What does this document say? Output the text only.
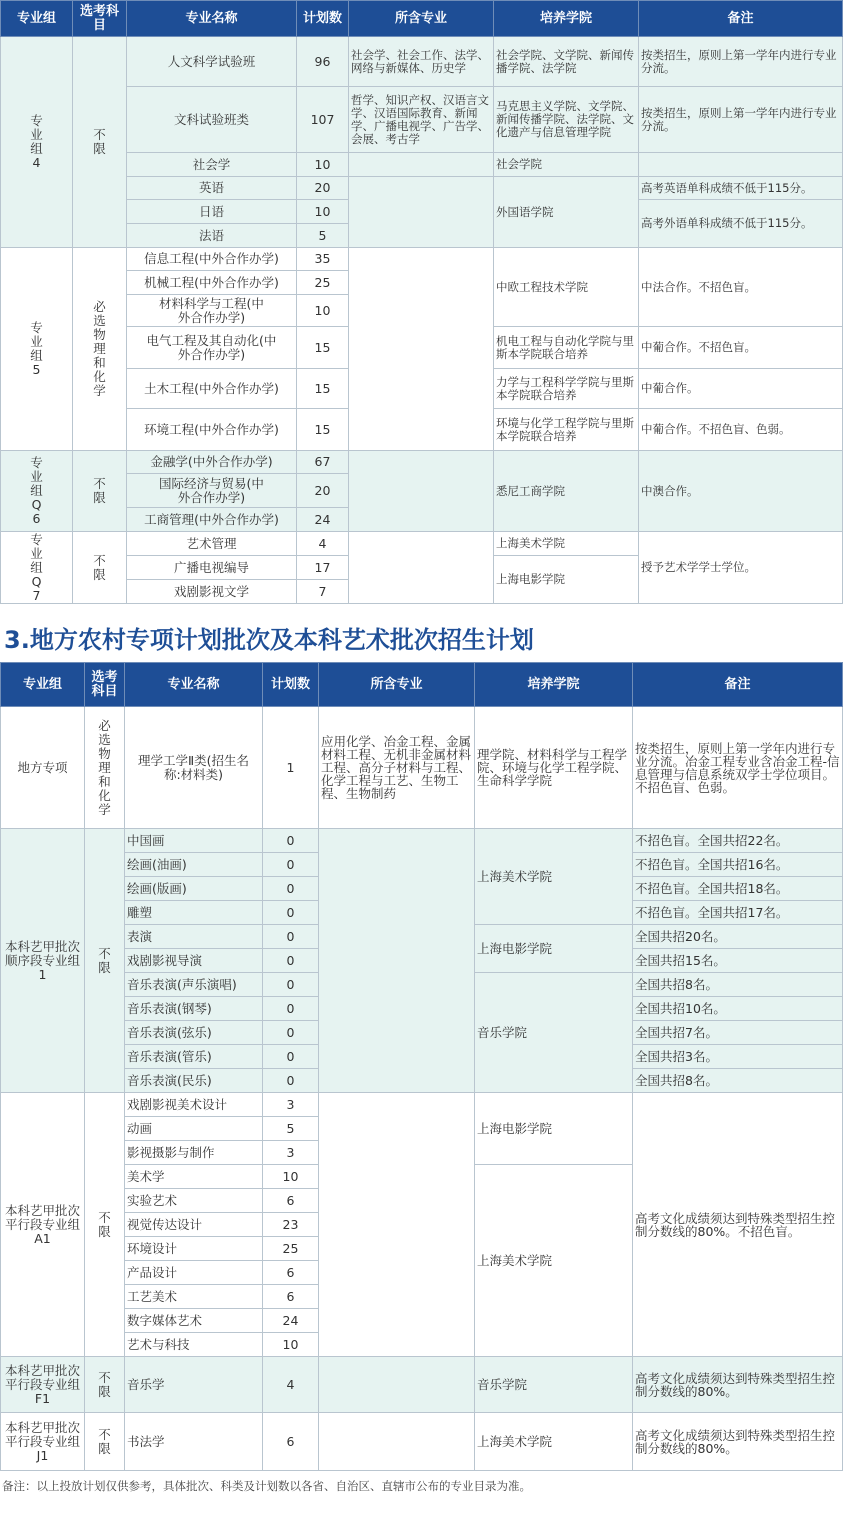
专业组	选考科目	专业名称	计划数	所含专业	培养学院	备注
专业组4	不限	人文科学试验班	96	社会学、社会工作、法学、网络与新媒体、历史学	社会学院、文学院、新闻传播学院、法学院	按类招生，原则上第一学年内进行专业分流。
		文科试验班类	107	哲学、知识产权、汉语言文学、汉语国际教育、新闻学、广播电视学、广告学、会展、考古学	马克思主义学院、文学院、新闻传播学院、法学院、文化遗产与信息管理学院	按类招生，原则上第一学年内进行专业分流。
		社会学	10		社会学院	
		英语	20		外国语学院	高考英语单科成绩不低于115分。
		日语	10			高考外语单科成绩不低于115分。
		法语	5			
专业组5	必选物理和化学	信息工程(中外合作办学)	35		中欧工程技术学院	中法合作。不招色盲。
		机械工程(中外合作办学)	25			
		材料科学与工程(中外合作办学)	10			
		电气工程及其自动化(中外合作办学)	15		机电工程与自动化学院与里斯本学院联合培养	中葡合作。不招色盲。
		土木工程(中外合作办学)	15		力学与工程科学学院与里斯本学院联合培养	中葡合作。
		环境工程(中外合作办学)	15		环境与化学工程学院与里斯本学院联合培养	中葡合作。不招色盲、色弱。
专业组Q6	不限	金融学(中外合作办学)	67		悉尼工商学院	中澳合作。
		国际经济与贸易(中外合作办学)	20			
		工商管理(中外合作办学)	24			
专业组Q7	不限	艺术管理	4		上海美术学院	授予艺术学学士学位。
		广播电视编导	17		上海电影学院	
		戏剧影视文学	7			
3.地方农村专项计划批次及本科艺术批次招生计划
专业组	选考科目	专业名称	计划数	所含专业	培养学院	备注
地方专项	必选物理和化学	理学工学Ⅱ类(招生名称:材料类)	1	应用化学、冶金工程、金属材料工程、无机非金属材料工程、高分子材料与工程、化学工程与工艺、生物工程、生物制药	理学院、材料科学与工程学院、环境与化学工程学院、生命科学学院	按类招生，原则上第一学年内进行专业分流。冶金工程专业含冶金工程-信息管理与信息系统双学士学位项目。不招色盲、色弱。
本科艺甲批次顺序段专业组1	不限	中国画	0		上海美术学院	不招色盲。全国共招22名。
		绘画(油画)	0			不招色盲。全国共招16名。
		绘画(版画)	0			不招色盲。全国共招18名。
		雕塑	0			不招色盲。全国共招17名。
		表演	0		上海电影学院	全国共招20名。
		戏剧影视导演	0			全国共招15名。
		音乐表演(声乐演唱)	0		音乐学院	全国共招8名。
		音乐表演(钢琴)	0			全国共招10名。
		音乐表演(弦乐)	0			全国共招7名。
		音乐表演(管乐)	0			全国共招3名。
		音乐表演(民乐)	0			全国共招8名。
本科艺甲批次平行段专业组A1	不限	戏剧影视美术设计	3		上海电影学院	高考文化成绩须达到特殊类型招生控制分数线的80%。不招色盲。
		动画	5			
		影视摄影与制作	3			
		美术学	10		上海美术学院	
		实验艺术	6			
		视觉传达设计	23			
		环境设计	25			
		产品设计	6			
		工艺美术	6			
		数字媒体艺术	24			
		艺术与科技	10			
本科艺甲批次平行段专业组F1	不限	音乐学	4		音乐学院	高考文化成绩须达到特殊类型招生控制分数线的80%。
本科艺甲批次平行段专业组J1	不限	书法学	6		上海美术学院	高考文化成绩须达到特殊类型招生控制分数线的80%。

备注：以上投放计划仅供参考，具体批次、科类及计划数以各省、自治区、直辖市公布的专业目录为准。
